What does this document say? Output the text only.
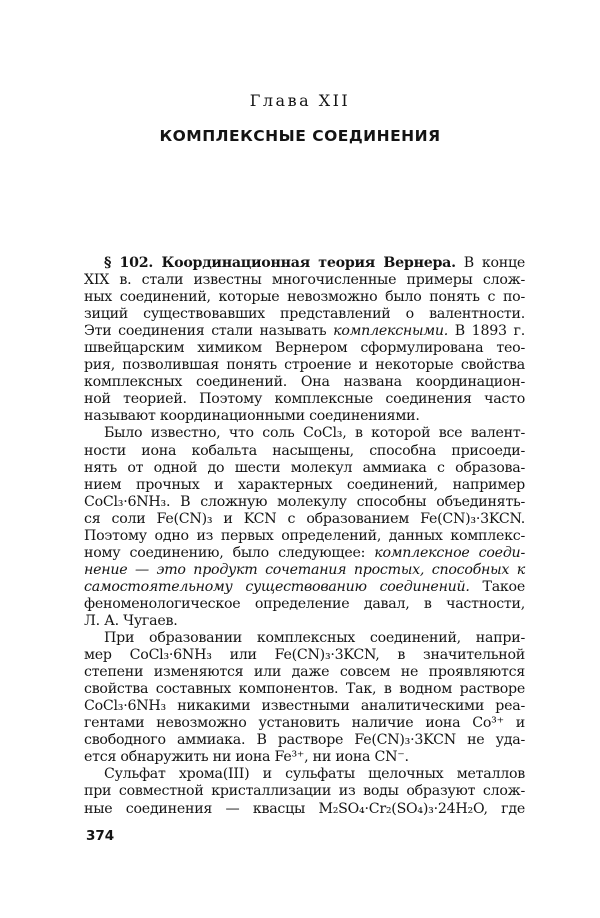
Глава XII
КОМПЛЕКСНЫЕ СОЕДИНЕНИЯ
§ 102. Координационная теория Вернера. В конце
XIX в. стали известны многочисленные примеры слож-
ных соединений, которые невозможно было понять с по-
зиций существовавших представлений о валентности.
Эти соединения стали называть комплексными. В 1893 г.
швейцарским химиком Вернером сформулирована тео-
рия, позволившая понять строение и некоторые свойства
комплексных соединений. Она названа координацион-
ной теорией. Поэтому комплексные соединения часто
называют координационными соединениями.
Было известно, что соль CoCl₃, в которой все валент-
ности иона кобальта насыщены, способна присоеди-
нять от одной до шести молекул аммиака с образова-
нием прочных и характерных соединений, например
CoCl₃·6NH₃. В сложную молекулу способны объединять-
ся соли Fe(CN)₃ и KCN с образованием Fe(CN)₃·3KCN.
Поэтому одно из первых определений, данных комплекс-
ному соединению, было следующее: комплексное соеди-
нение — это продукт сочетания простых, способных к
самостоятельному существованию соединений. Такое
феноменологическое определение давал, в частности,
Л. А. Чугаев.
При образовании комплексных соединений, напри-
мер CoCl₃·6NH₃ или Fe(CN)₃·3KCN, в значительной
степени изменяются или даже совсем не проявляются
свойства составных компонентов. Так, в водном растворе
CoCl₃·6NH₃ никакими известными аналитическими реа-
гентами невозможно установить наличие иона Co³⁺ и
свободного аммиака. В растворе Fe(CN)₃·3KCN не уда-
ется обнаружить ни иона Fe³⁺, ни иона CN⁻.
Сульфат хрома(III) и сульфаты щелочных металлов
при совместной кристаллизации из воды образуют слож-
ные соединения — квасцы M₂SO₄·Cr₂(SO₄)₃·24H₂O, где
374
